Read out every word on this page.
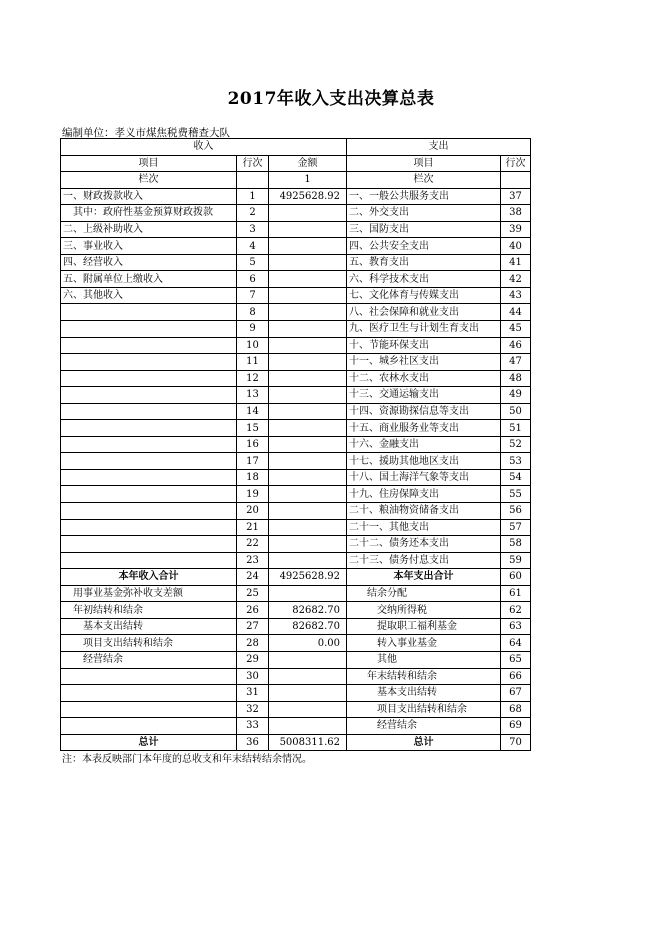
2017年收入支出决算总表
编制单位：孝义市煤焦税费稽查大队
收入			支出	
项目	行次	金额	项目	行次
栏次		1	栏次	
一、财政拨款收入	1	4925628.92	一、一般公共服务支出	37
其中：政府性基金预算财政拨款	2		二、外交支出	38
二、上级补助收入	3		三、国防支出	39
三、事业收入	4		四、公共安全支出	40
四、经营收入	5		五、教育支出	41
五、附属单位上缴收入	6		六、科学技术支出	42
六、其他收入	7		七、文化体育与传媒支出	43
	8		八、社会保障和就业支出	44
	9		九、医疗卫生与计划生育支出	45
	10		十、节能环保支出	46
	11		十一、城乡社区支出	47
	12		十二、农林水支出	48
	13		十三、交通运输支出	49
	14		十四、资源勘探信息等支出	50
	15		十五、商业服务业等支出	51
	16		十六、金融支出	52
	17		十七、援助其他地区支出	53
	18		十八、国土海洋气象等支出	54
	19		十九、住房保障支出	55
	20		二十、粮油物资储备支出	56
	21		二十一、其他支出	57
	22		二十二、债务还本支出	58
	23		二十三、债务付息支出	59
本年收入合计	24	4925628.92	本年支出合计	60
用事业基金弥补收支差额	25		结余分配	61
年初结转和结余	26	82682.70	交纳所得税	62
基本支出结转	27	82682.70	提取职工福利基金	63
项目支出结转和结余	28	0.00	转入事业基金	64
经营结余	29		其他	65
	30		年末结转和结余	66
	31		基本支出结转	67
	32		项目支出结转和结余	68
	33		经营结余	69
总计	36	5008311.62	总计	70
注：本表反映部门本年度的总收支和年末结转结余情况。
